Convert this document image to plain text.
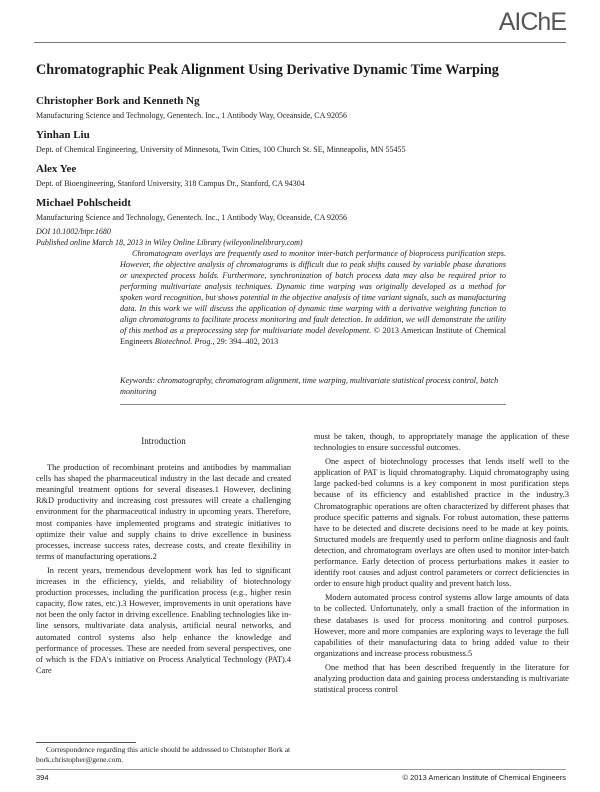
AIChE
Chromatographic Peak Alignment Using Derivative Dynamic Time Warping

Christopher Bork and Kenneth Ng

Manufacturing Science and Technology, Genentech. Inc., 1 Antibody Way, Oceanside, CA 92056

Yinhan Liu

Dept. of Chemical Engineering, University of Minnesota, Twin Cities, 100 Church St. SE, Minneapolis, MN 55455

Alex Yee

Dept. of Bioengineering, Stanford University, 318 Campus Dr., Stanford, CA 94304

Michael Pohlscheidt

Manufacturing Science and Technology, Genentech. Inc., 1 Antibody Way, Oceanside, CA 92056

DOI 10.1002/btpr.1680
Published online March 18, 2013 in Wiley Online Library (wileyonlinelibrary.com)

Chromatogram overlays are frequently used to monitor inter-batch performance of bioprocess purification steps. However, the objective analysis of chromatograms is difficult due to peak shifts caused by variable phase durations or unexpected process holds. Furthermore, synchronization of batch process data may also be required prior to performing multivariate analysis techniques. Dynamic time warping was originally developed as a method for spoken word recognition, but shows potential in the objective analysis of time variant signals, such as manufacturing data. In this work we will discuss the application of dynamic time warping with a derivative weighting function to align chromatograms to facilitate process monitoring and fault detection. In addition, we will demonstrate the utility of this method as a preprocessing step for multivariate model development. © 2013 American Institute of Chemical Engineers Biotechnol. Prog., 29: 394–402, 2013

Keywords: chromatography, chromatogram alignment, time warping, multivariate statistical process control, batch monitoring

Introduction

The production of recombinant proteins and antibodies by mammalian cells has shaped the pharmaceutical industry in the last decade and created meaningful treatment options for several diseases.1 However, declining R&D productivity and increasing cost pressures will create a challenging environment for the pharmaceutical industry in upcoming years. Therefore, most companies have implemented programs and strategic initiatives to optimize their value and supply chains to drive excellence in business processes, increase success rates, decrease costs, and create flexibility in terms of manufacturing operations.2

In recent years, tremendous development work has led to significant increases in the efficiency, yields, and reliability of biotechnology production processes, including the purification process (e.g., higher resin capacity, flow rates, etc.).3 However, improvements in unit operations have not been the only factor in driving excellence. Enabling technologies like in-line sensors, multivariate data analysis, artificial neural networks, and automated control systems also help enhance the knowledge and performance of processes. These are needed from several perspectives, one of which is the FDA's initiative on Process Analytical Technology (PAT).4 Care

must be taken, though, to appropriately manage the application of these technologies to ensure successful outcomes.

One aspect of biotechnology processes that lends itself well to the application of PAT is liquid chromatography. Liquid chromatography using large packed-bed columns is a key component in most purification steps because of its efficiency and established practice in the industry.3 Chromatographic operations are often characterized by different phases that produce specific patterns and signals. For robust automation, these patterns have to be detected and discrete decisions need to be made at key points. Structured models are frequently used to perform online diagnosis and fault detection, and chromatogram overlays are often used to monitor inter-batch performance. Early detection of process perturbations makes it easier to identify root causes and adjust control parameters or correct deficiencies in order to ensure high product quality and prevent batch loss.

Modern automated process control systems allow large amounts of data to be collected. Unfortunately, only a small fraction of the information in these databases is used for process monitoring and control purposes. However, more and more companies are exploring ways to leverage the full capabilities of their manufacturing data to bring added value to their organizations and increase process robustness.5

One method that has been described frequently in the literature for analyzing production data and gaining process understanding is multivariate statistical process control

Correspondence regarding this article should be addressed to Christopher Bork at bork.christopher@gene.com.

394	© 2013 American Institute of Chemical Engineers
